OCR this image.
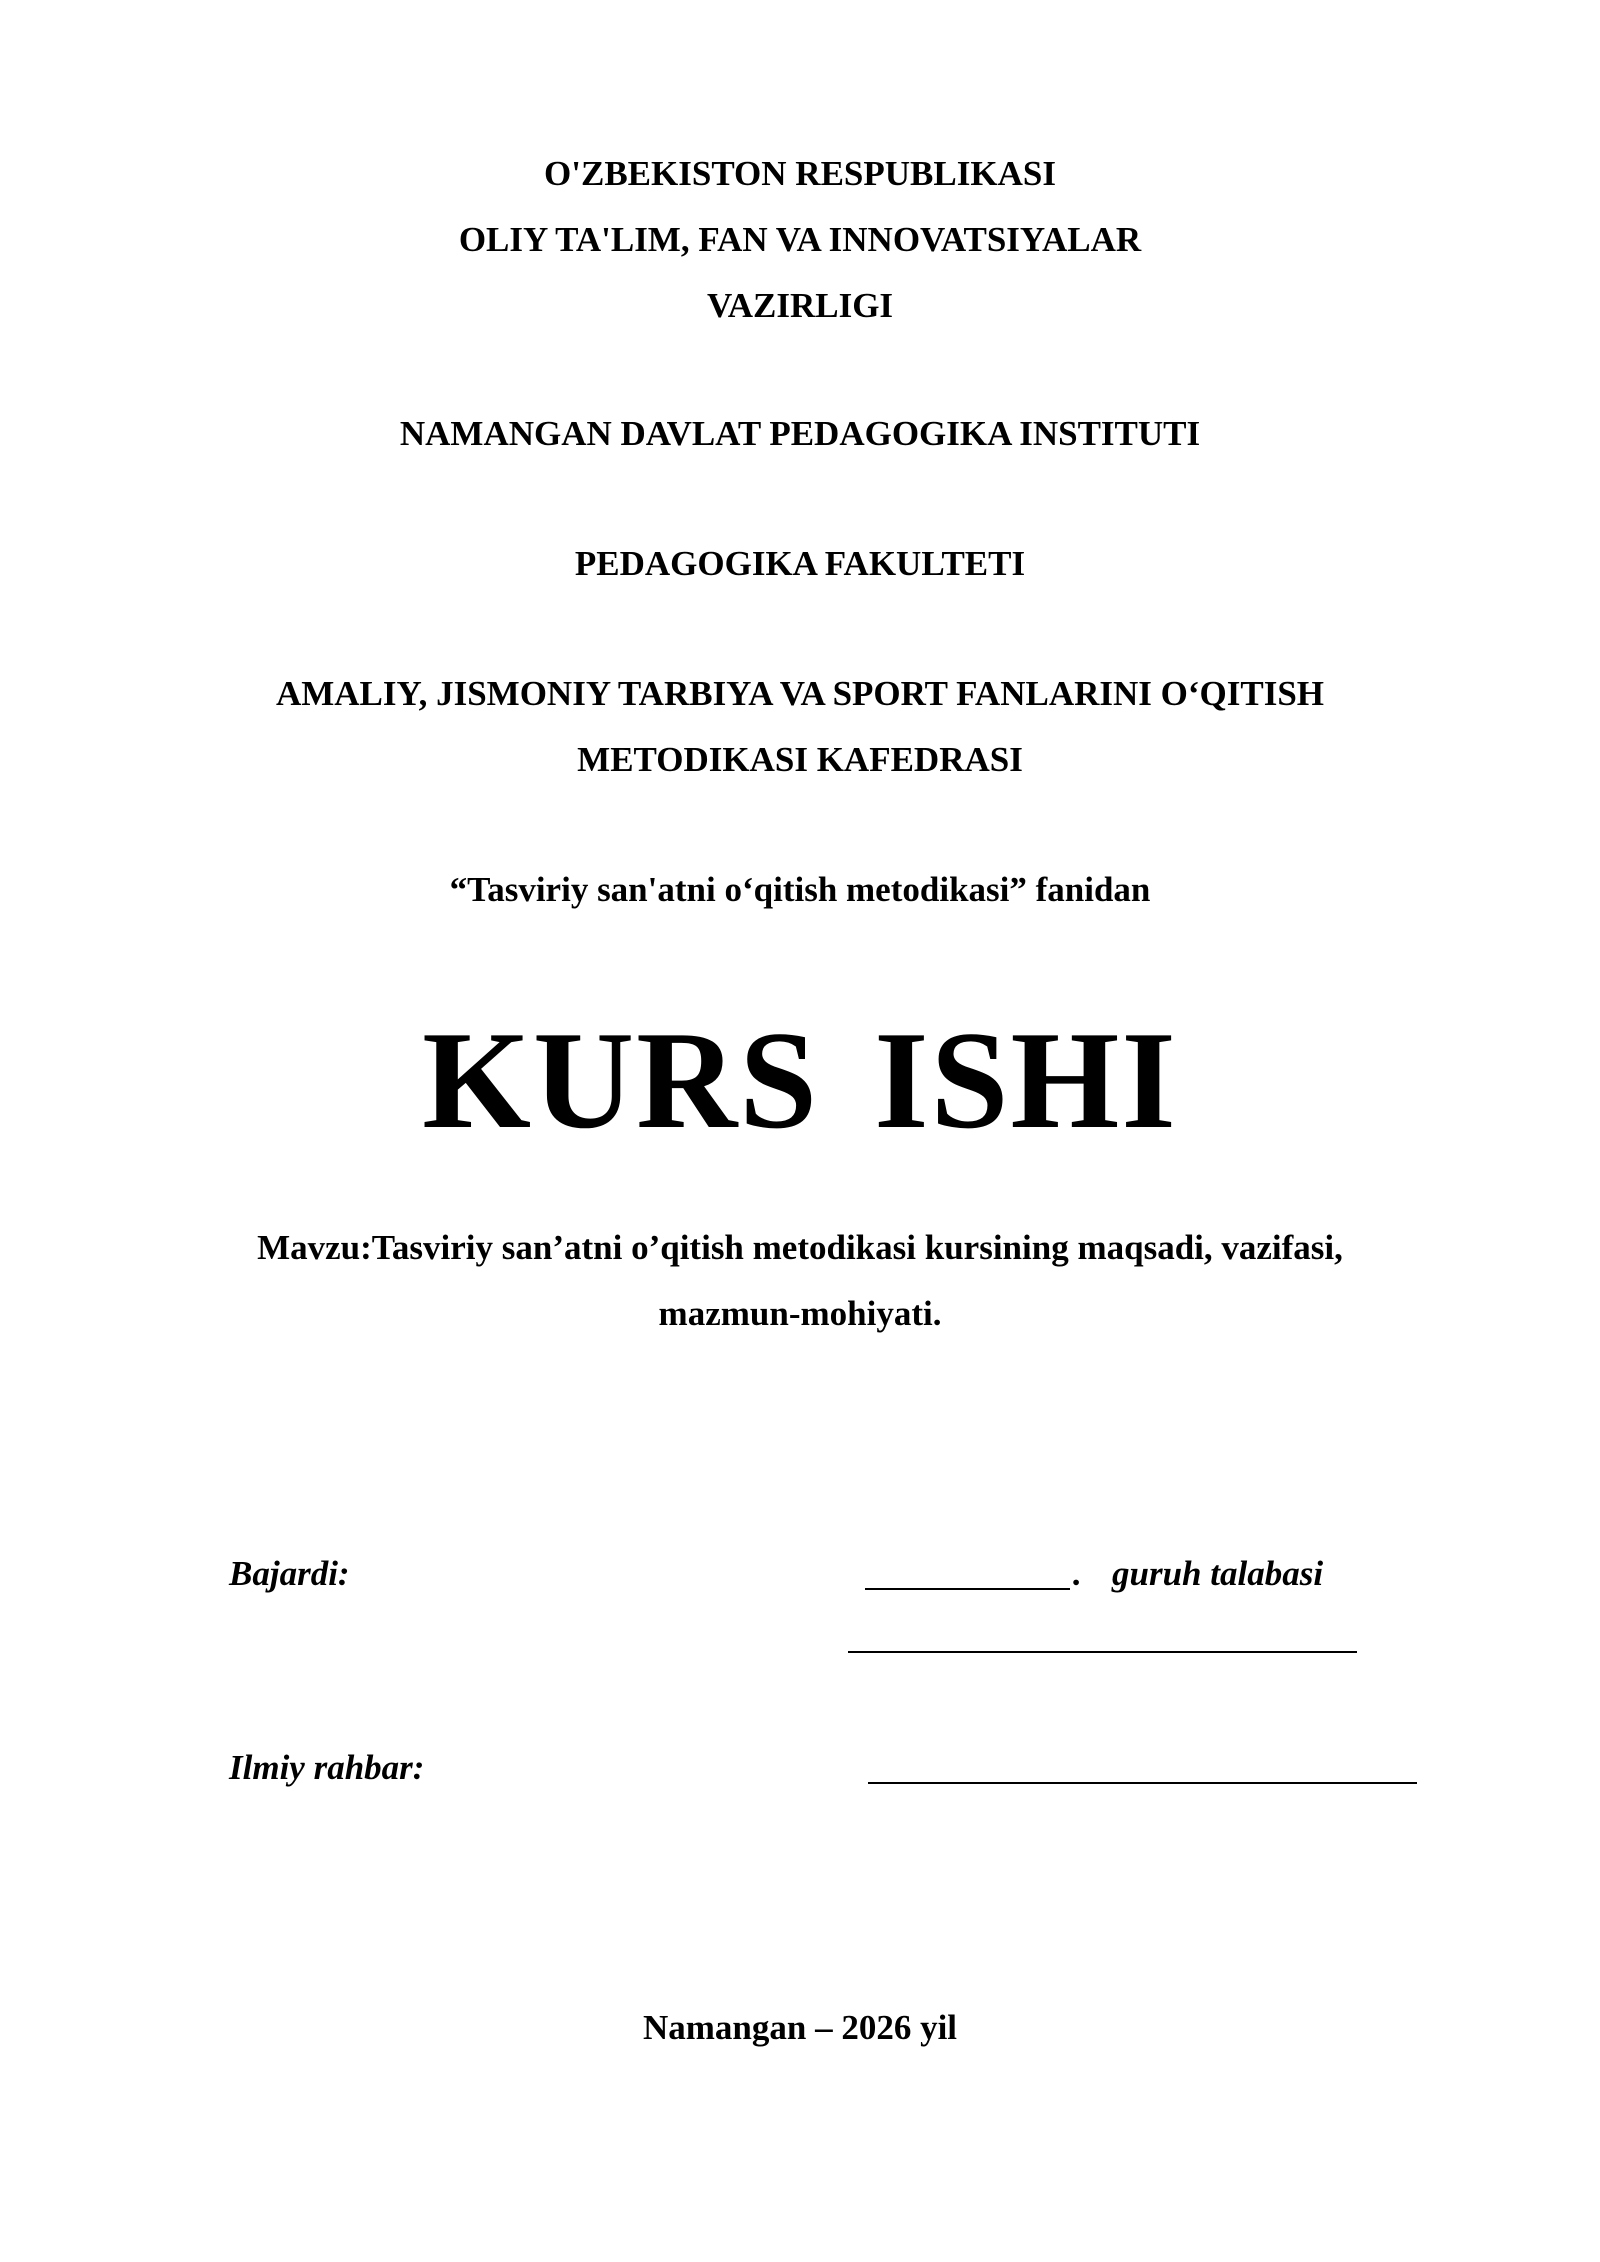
O'ZBEKISTON RESPUBLIKASI
OLIY TA'LIM, FAN VA INNOVATSIYALAR
VAZIRLIGI
NAMANGAN DAVLAT PEDAGOGIKA INSTITUTI
PEDAGOGIKA FAKULTETI
AMALIY, JISMONIY TARBIYA VA SPORT FANLARINI O‘QITISH
METODIKASI KAFEDRASI
“Tasviriy san'atni o‘qitish metodikasi” fanidan
KURS ISHI
Mavzu:Tasviriy san’atni o’qitish metodikasi kursining maqsadi, vazifasi,
mazmun-mohiyati.
Bajardi:	. guruh talabasi
Ilmiy rahbar:
Namangan – 2026 yil
